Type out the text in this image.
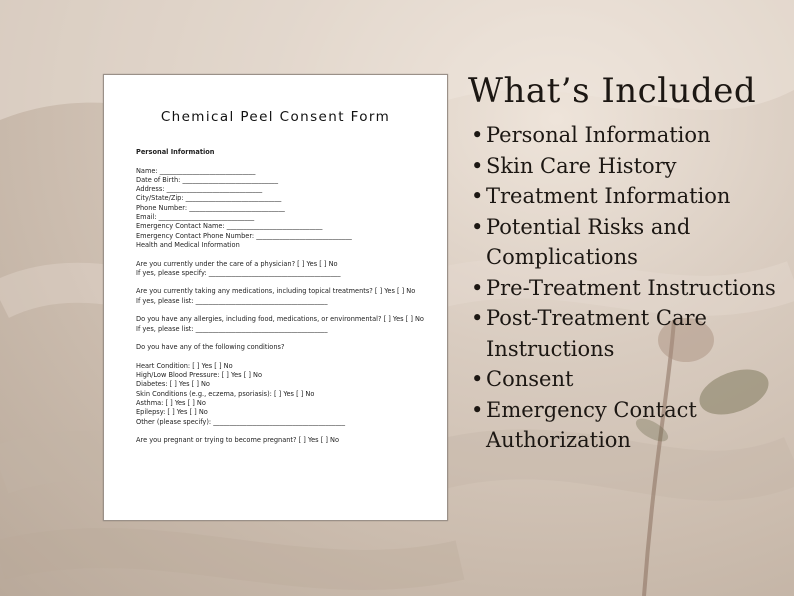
Chemical Peel Consent Form
Personal Information
Name: _____________________________
Date of Birth: _____________________________
Address: _____________________________
City/State/Zip: _____________________________
Phone Number: _____________________________
Email: _____________________________
Emergency Contact Name: _____________________________
Emergency Contact Phone Number: _____________________________
Health and Medical Information
Are you currently under the care of a physician? [ ] Yes [ ] No
If yes, please specify: ________________________________________
Are you currently taking any medications, including topical treatments? [ ] Yes [ ] No
If yes, please list: ________________________________________
Do you have any allergies, including food, medications, or environmental? [ ] Yes [ ] No
If yes, please list: ________________________________________
Do you have any of the following conditions?
Heart Condition: [ ] Yes [ ] No
High/Low Blood Pressure: [ ] Yes [ ] No
Diabetes: [ ] Yes [ ] No
Skin Conditions (e.g., eczema, psoriasis): [ ] Yes [ ] No
Asthma: [ ] Yes [ ] No
Epilepsy: [ ] Yes [ ] No
Other (please specify): ________________________________________
Are you pregnant or trying to become pregnant? [ ] Yes [ ] No
What’s Included
• Personal Information
• Skin Care History
• Treatment Information
• Potential Risks and Complications
• Pre-Treatment Instructions
• Post-Treatment Care Instructions
• Consent
• Emergency Contact Authorization
